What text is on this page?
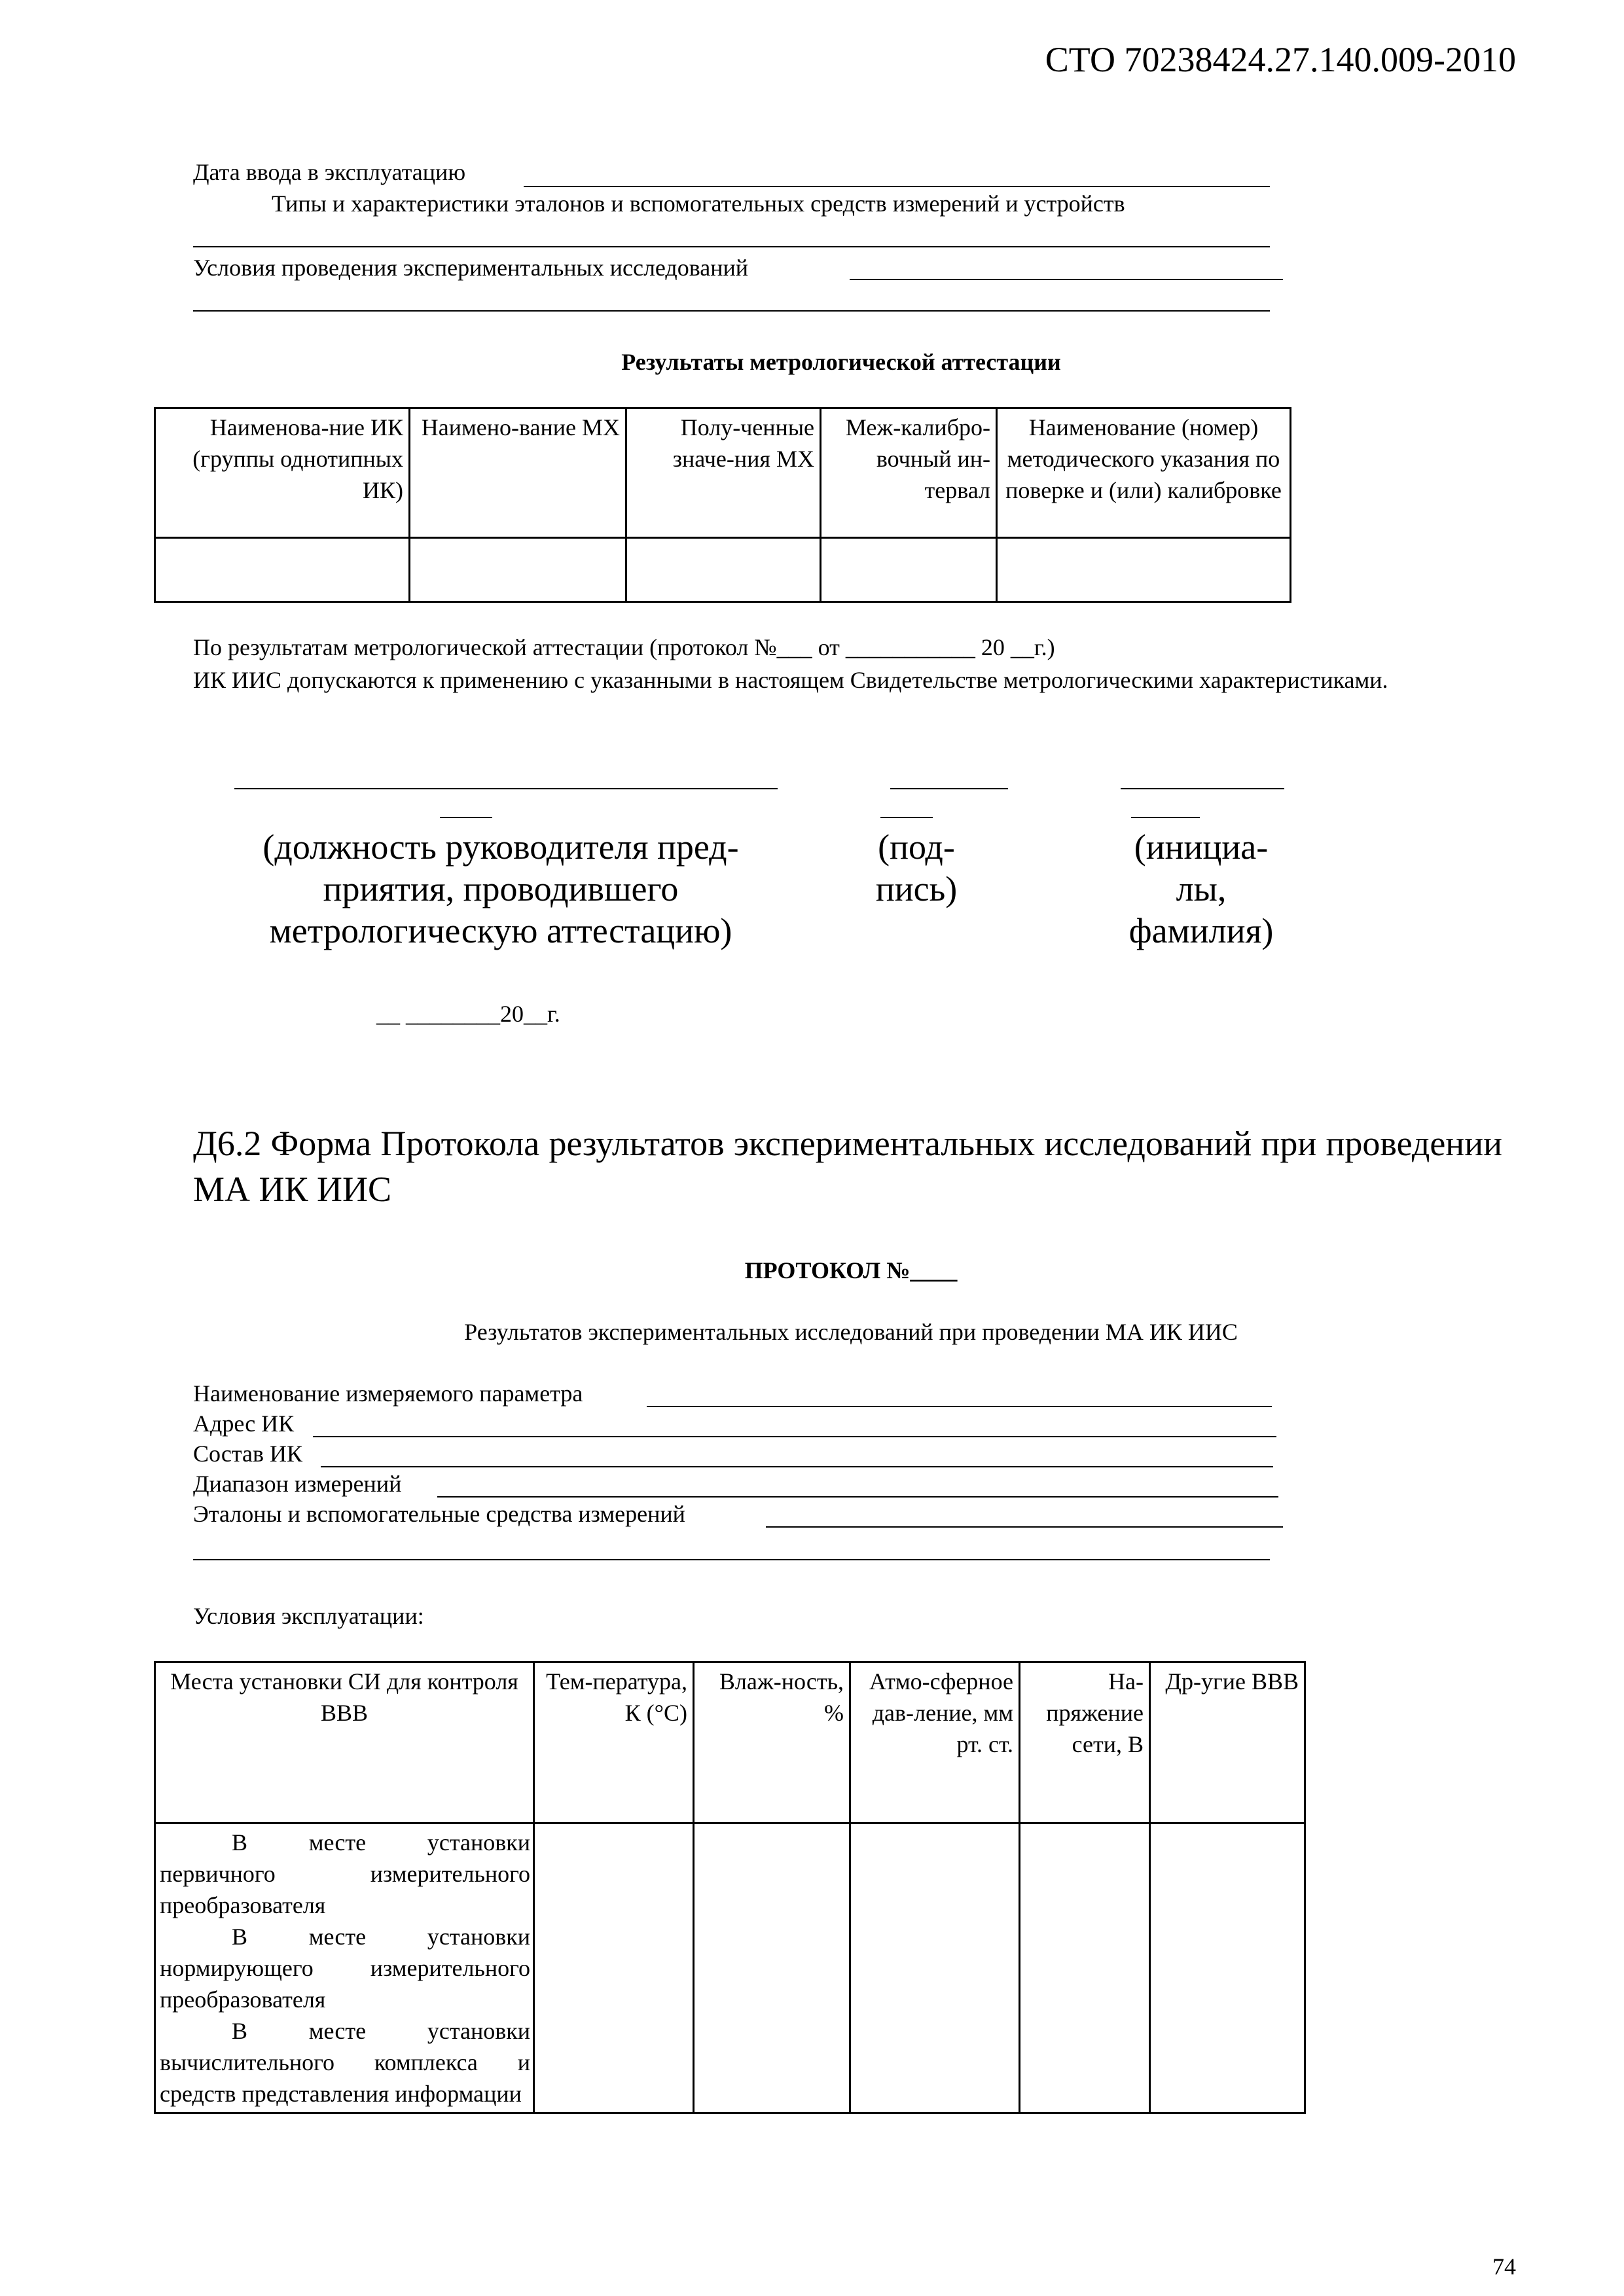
СТО 70238424.27.140.009-2010
Дата ввода в эксплуатацию
Типы и характеристики эталонов и вспомогательных средств измерений и устройств
Условия проведения экспериментальных исследований
Результаты метрологической аттестации
Наименова-ние ИК (группы однотипных ИК)	Наимено-вание МХ	Полу-ченные значе-ния МХ	Меж-калибро-вочный ин-тервал	Наименование (номер) методического указания по поверке и (или) калибровке

По результатам метрологической аттестации (протокол №___ от ___________ 20 __г.)
ИК ИИС допускаются к применению с указанными в настоящем Свидетельстве метрологическими характеристиками.
(должность руководителя пред-приятия, проводившего метрологическую аттестацию)
(под-пись)
(инициа-лы, фамилия)
__ ________20__г.
Д6.2 Форма Протокола результатов экспериментальных исследований при проведении МА ИК ИИС
ПРОТОКОЛ №____
Результатов экспериментальных исследований при проведении МА ИК ИИС
Наименование измеряемого параметра
Адрес ИК
Состав ИК
Диапазон измерений
Эталоны и вспомогательные средства измерений
Условия эксплуатации:
Места установки СИ для контроля ВВВ	Тем-пература, К (°С)	Влаж-ность, %	Атмо-сферное дав-ление, мм рт. ст.	На-пряжение сети, В	Др-угие ВВВ

В месте установки первичного измерительного преобразователя
В месте установки нормирующего измерительного преобразователя
В месте установки вычислительного комплекса и средств представления информации					

74
